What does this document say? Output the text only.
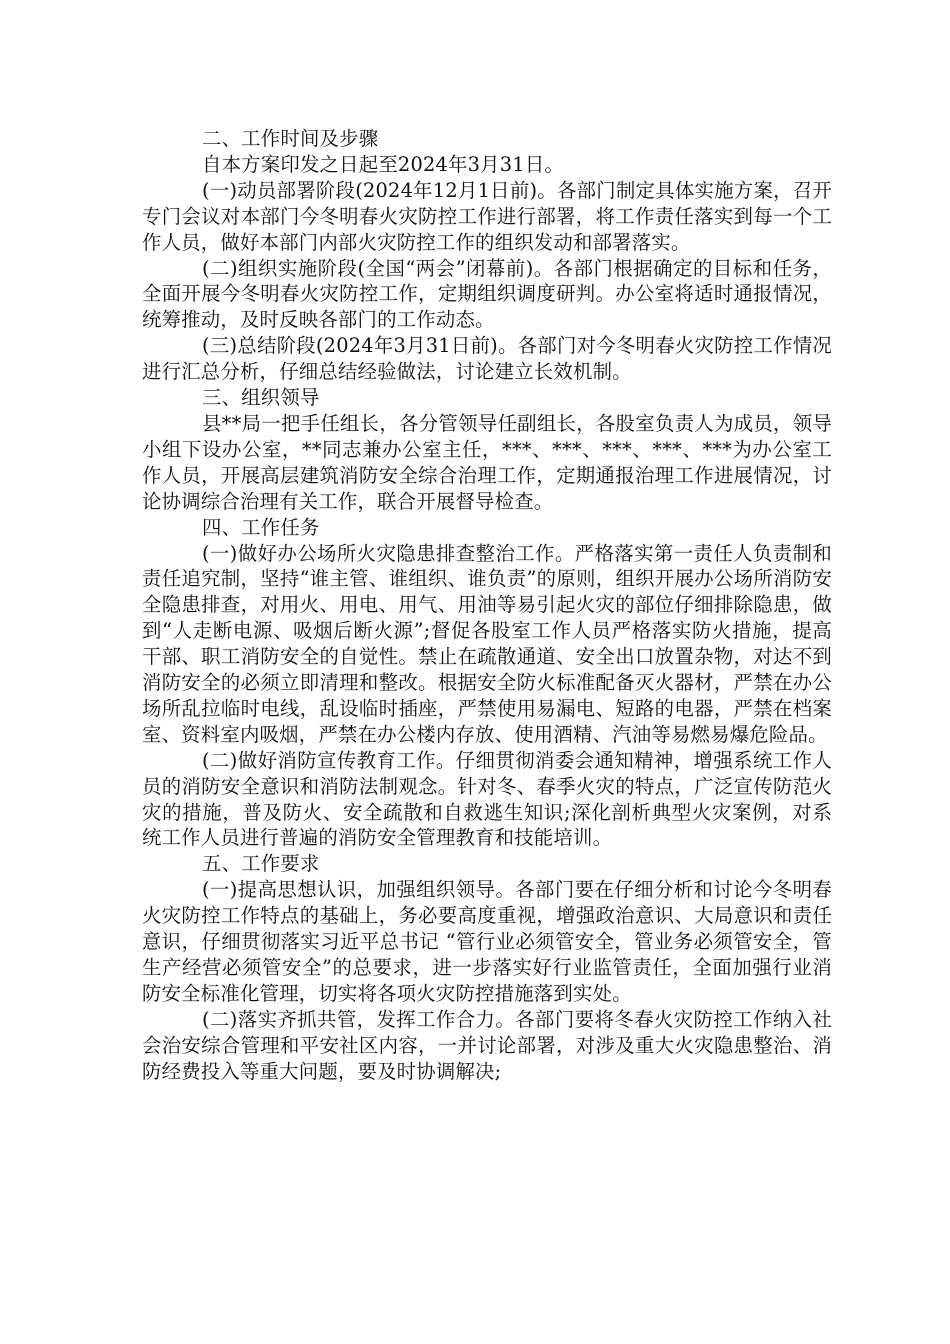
二、工作时间及步骤

自本方案印发之日起至2024年3月31日。

(一)动员部署阶段(2024年12月1日前)。各部门制定具体实施方案，召开专门会议对本部门今冬明春火灾防控工作进行部署，将工作责任落实到每一个工作人员，做好本部门内部火灾防控工作的组织发动和部署落实。

(二)组织实施阶段(全国“两会”闭幕前)。各部门根据确定的目标和任务，全面开展今冬明春火灾防控工作，定期组织调度研判。办公室将适时通报情况，统筹推动，及时反映各部门的工作动态。

(三)总结阶段(2024年3月31日前)。各部门对今冬明春火灾防控工作情况进行汇总分析，仔细总结经验做法，讨论建立长效机制。

三、组织领导

县**局一把手任组长，各分管领导任副组长，各股室负责人为成员，领导小组下设办公室，**同志兼办公室主任，***、***、***、***、***为办公室工作人员，开展高层建筑消防安全综合治理工作，定期通报治理工作进展情况，讨论协调综合治理有关工作，联合开展督导检查。

四、工作任务

(一)做好办公场所火灾隐患排查整治工作。严格落实第一责任人负责制和责任追究制，坚持“谁主管、谁组织、谁负责”的原则，组织开展办公场所消防安全隐患排查，对用火、用电、用气、用油等易引起火灾的部位仔细排除隐患，做到“人走断电源、吸烟后断火源”;督促各股室工作人员严格落实防火措施，提高干部、职工消防安全的自觉性。禁止在疏散通道、安全出口放置杂物，对达不到消防安全的必须立即清理和整改。根据安全防火标准配备灭火器材，严禁在办公场所乱拉临时电线，乱设临时插座，严禁使用易漏电、短路的电器，严禁在档案室、资料室内吸烟，严禁在办公楼内存放、使用酒精、汽油等易燃易爆危险品。

(二)做好消防宣传教育工作。仔细贯彻消委会通知精神，增强系统工作人员的消防安全意识和消防法制观念。针对冬、春季火灾的特点，广泛宣传防范火灾的措施，普及防火、安全疏散和自救逃生知识;深化剖析典型火灾案例，对系统工作人员进行普遍的消防安全管理教育和技能培训。

五、工作要求

(一)提高思想认识，加强组织领导。各部门要在仔细分析和讨论今冬明春火灾防控工作特点的基础上，务必要高度重视，增强政治意识、大局意识和责任意识，仔细贯彻落实习近平总书记 “管行业必须管安全，管业务必须管安全，管生产经营必须管安全”的总要求，进一步落实好行业监管责任，全面加强行业消防安全标准化管理，切实将各项火灾防控措施落到实处。

(二)落实齐抓共管，发挥工作合力。各部门要将冬春火灾防控工作纳入社会治安综合管理和平安社区内容，一并讨论部署，对涉及重大火灾隐患整治、消防经费投入等重大问题，要及时协调解决;
